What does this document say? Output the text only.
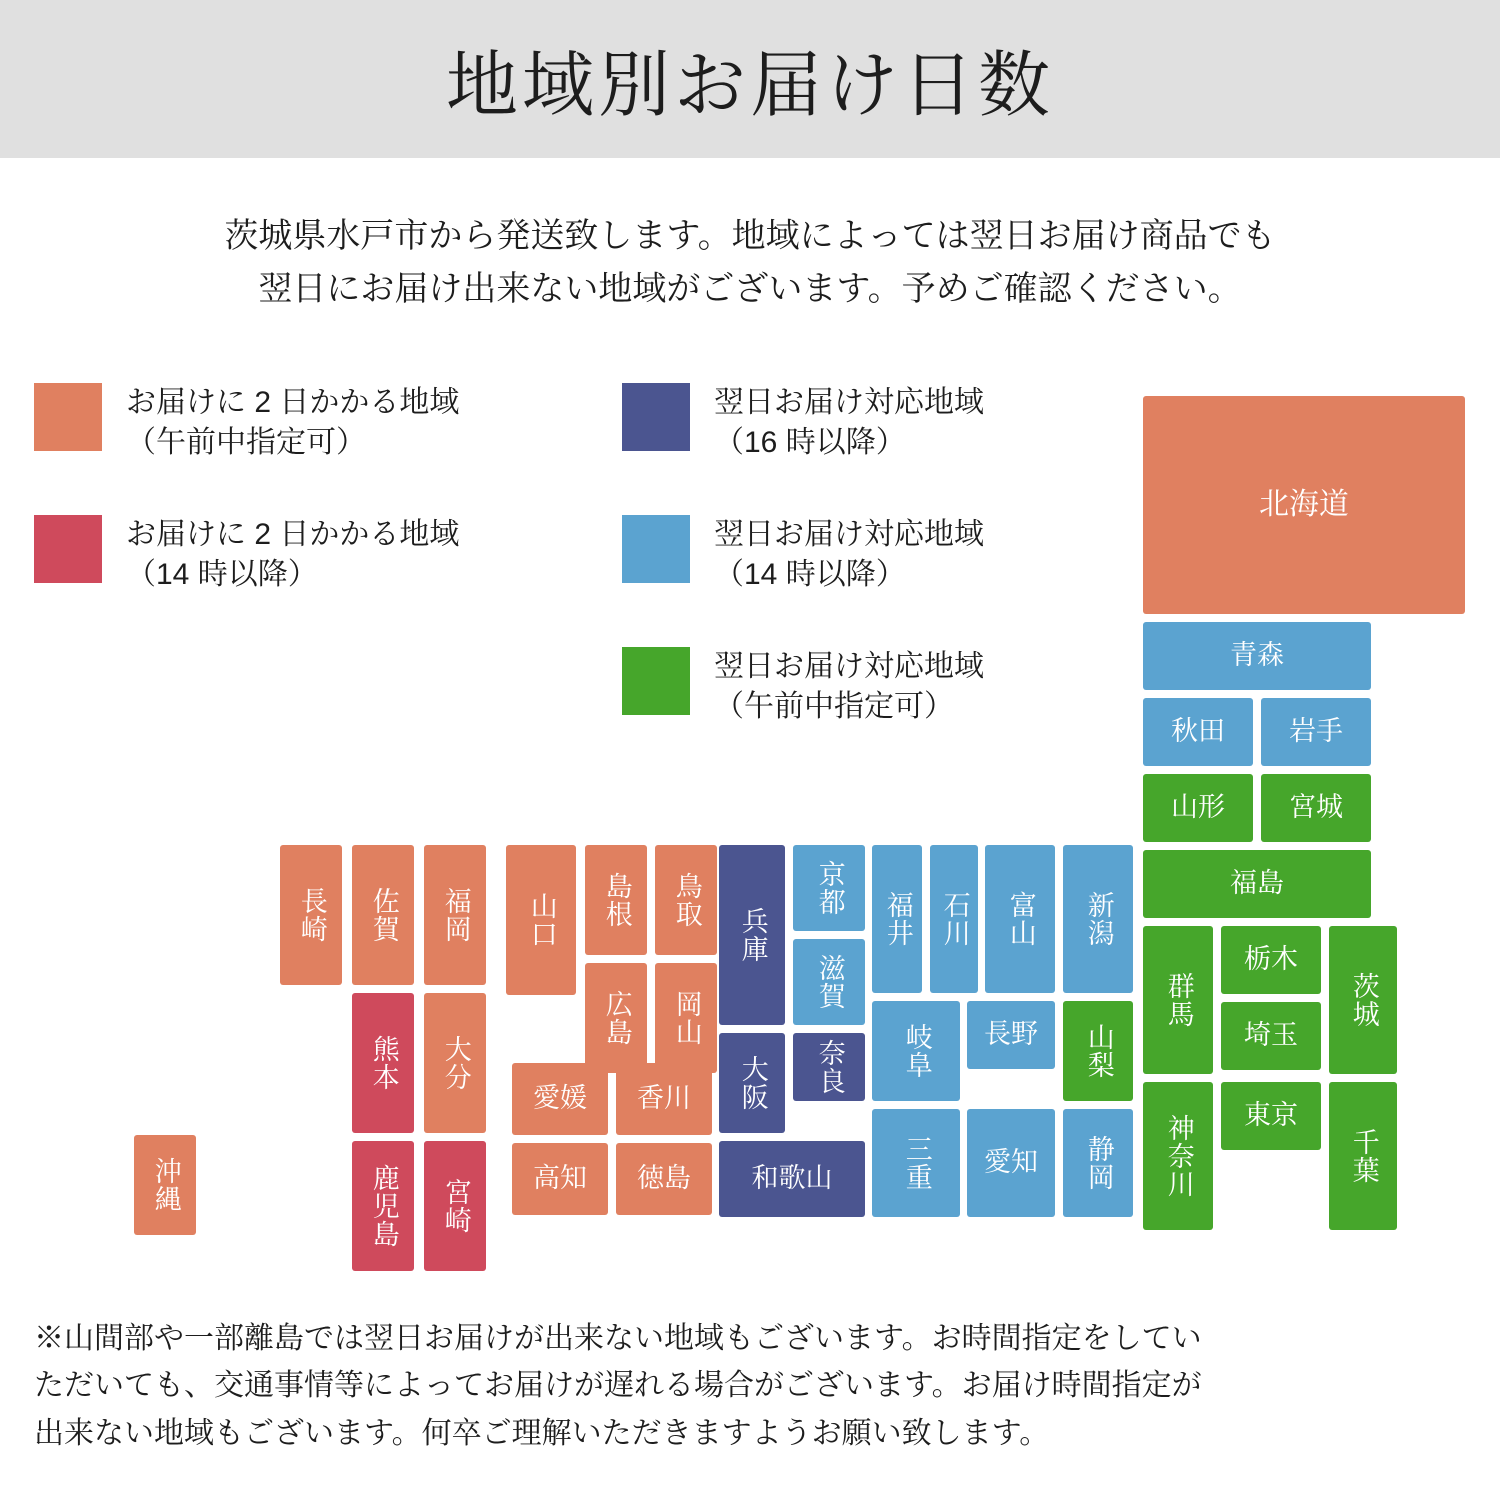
地域別お届け日数
茨城県水戸市から発送致します。地域によっては翌日お届け商品でも
翌日にお届け出来ない地域がございます。予めご確認ください。
お届けに 2 日かかる地域
（午前中指定可）
お届けに 2 日かかる地域
（14 時以降）
翌日お届け対応地域
（16 時以降）
翌日お届け対応地域
（14 時以降）
翌日お届け対応地域
（午前中指定可）
北海道
青森
秋田	岩手
山形	宮城
福島
群馬
栃木
茨城
埼玉
神奈川	東京
千葉
新潟
富山
石川
福井
山梨
長野
岐阜
静岡
愛知
三重
京都
滋賀
奈良
兵庫
大阪
和歌山
鳥取
岡山
島根
広島
山口
愛媛	香川
高知	徳島
福岡
佐賀
長崎
大分
熊本
宮崎
鹿児島
沖縄
※山間部や一部離島では翌日お届けが出来ない地域もございます。お時間指定をしてい
ただいても、交通事情等によってお届けが遅れる場合がございます。お届け時間指定が
出来ない地域もございます。何卒ご理解いただきますようお願い致します。
